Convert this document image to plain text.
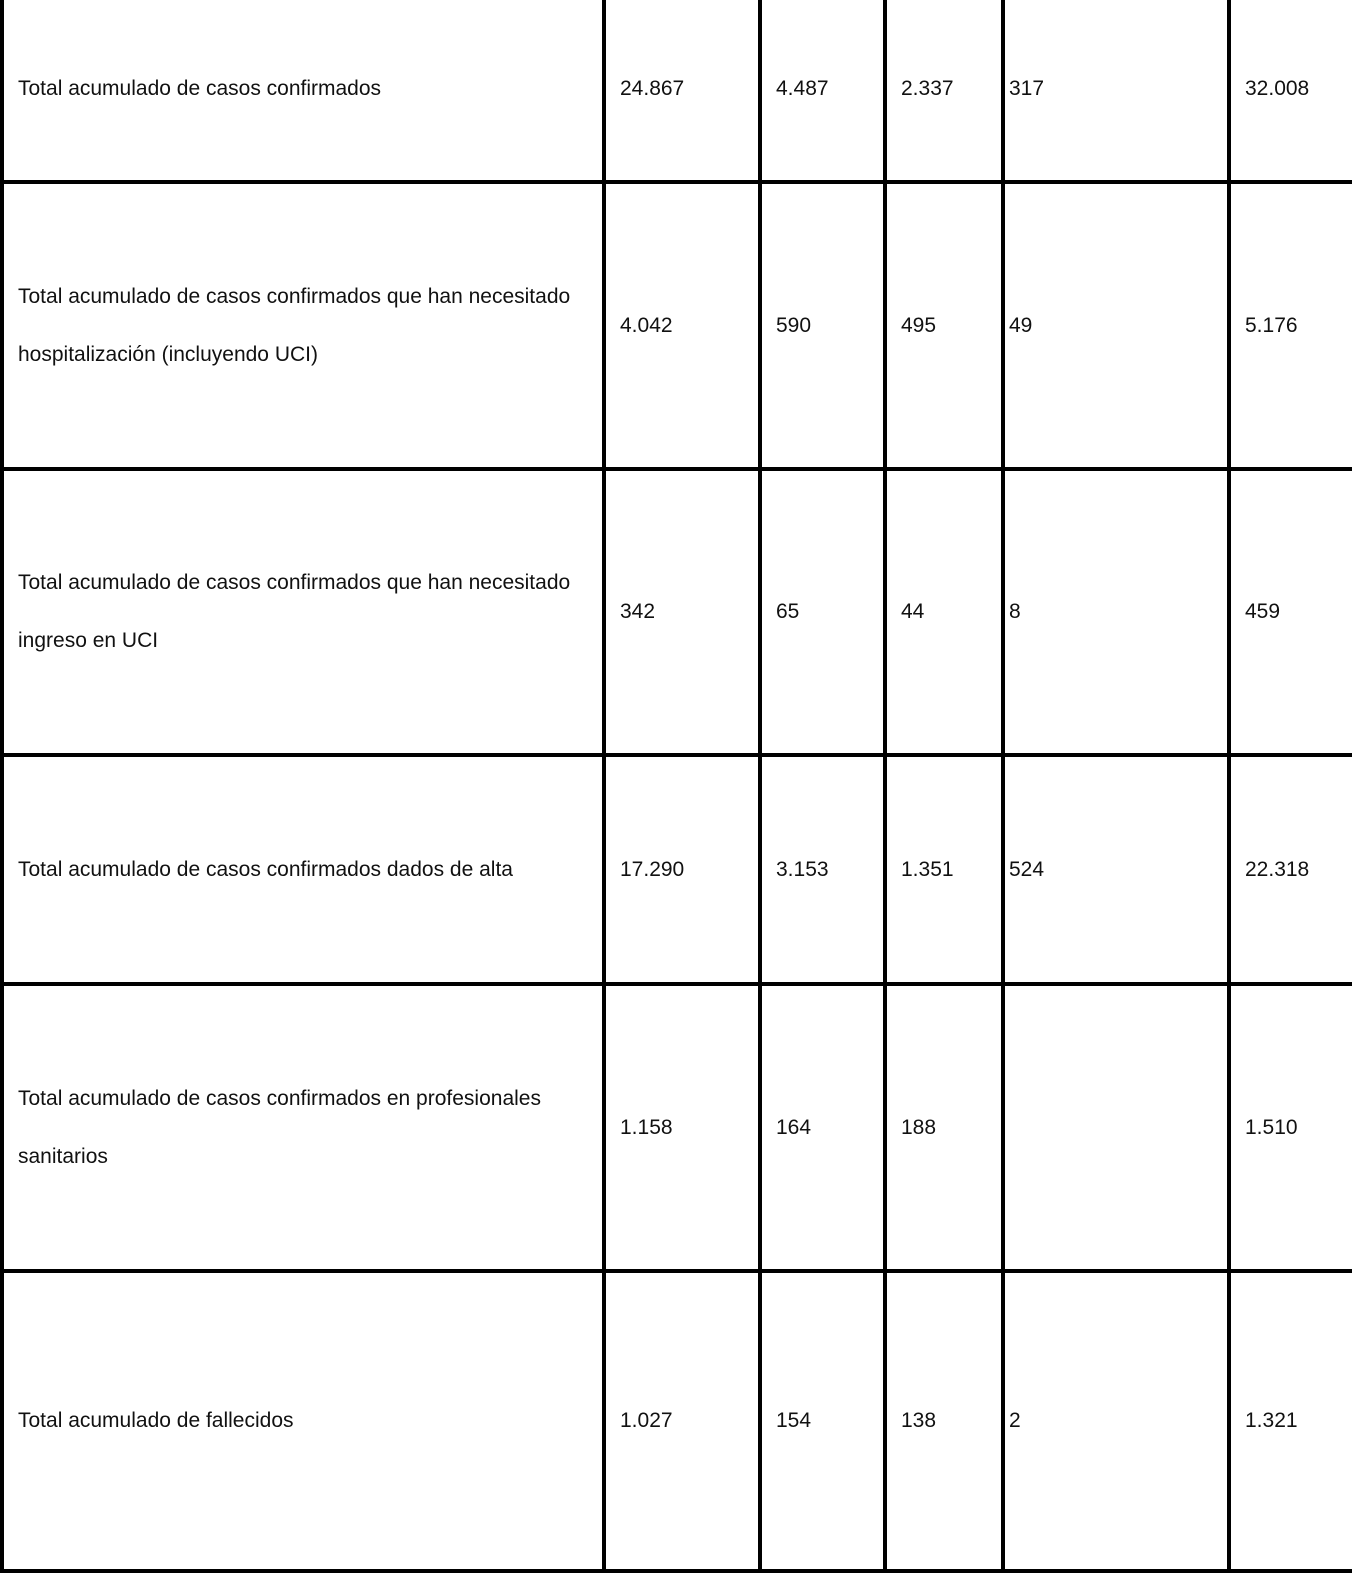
Total acumulado de casos confirmados	24.867	4.487	2.337	317	32.008
Total acumulado de casos confirmados que han necesitado hospitalización (incluyendo UCI)	4.042	590	495	49	5.176
Total acumulado de casos confirmados que han necesitado ingreso en UCI	342	65	44	8	459
Total acumulado de casos confirmados dados de alta	17.290	3.153	1.351	524	22.318
Total acumulado de casos confirmados en profesionales sanitarios	1.158	164	188		1.510
Total acumulado de fallecidos	1.027	154	138	2	1.321
